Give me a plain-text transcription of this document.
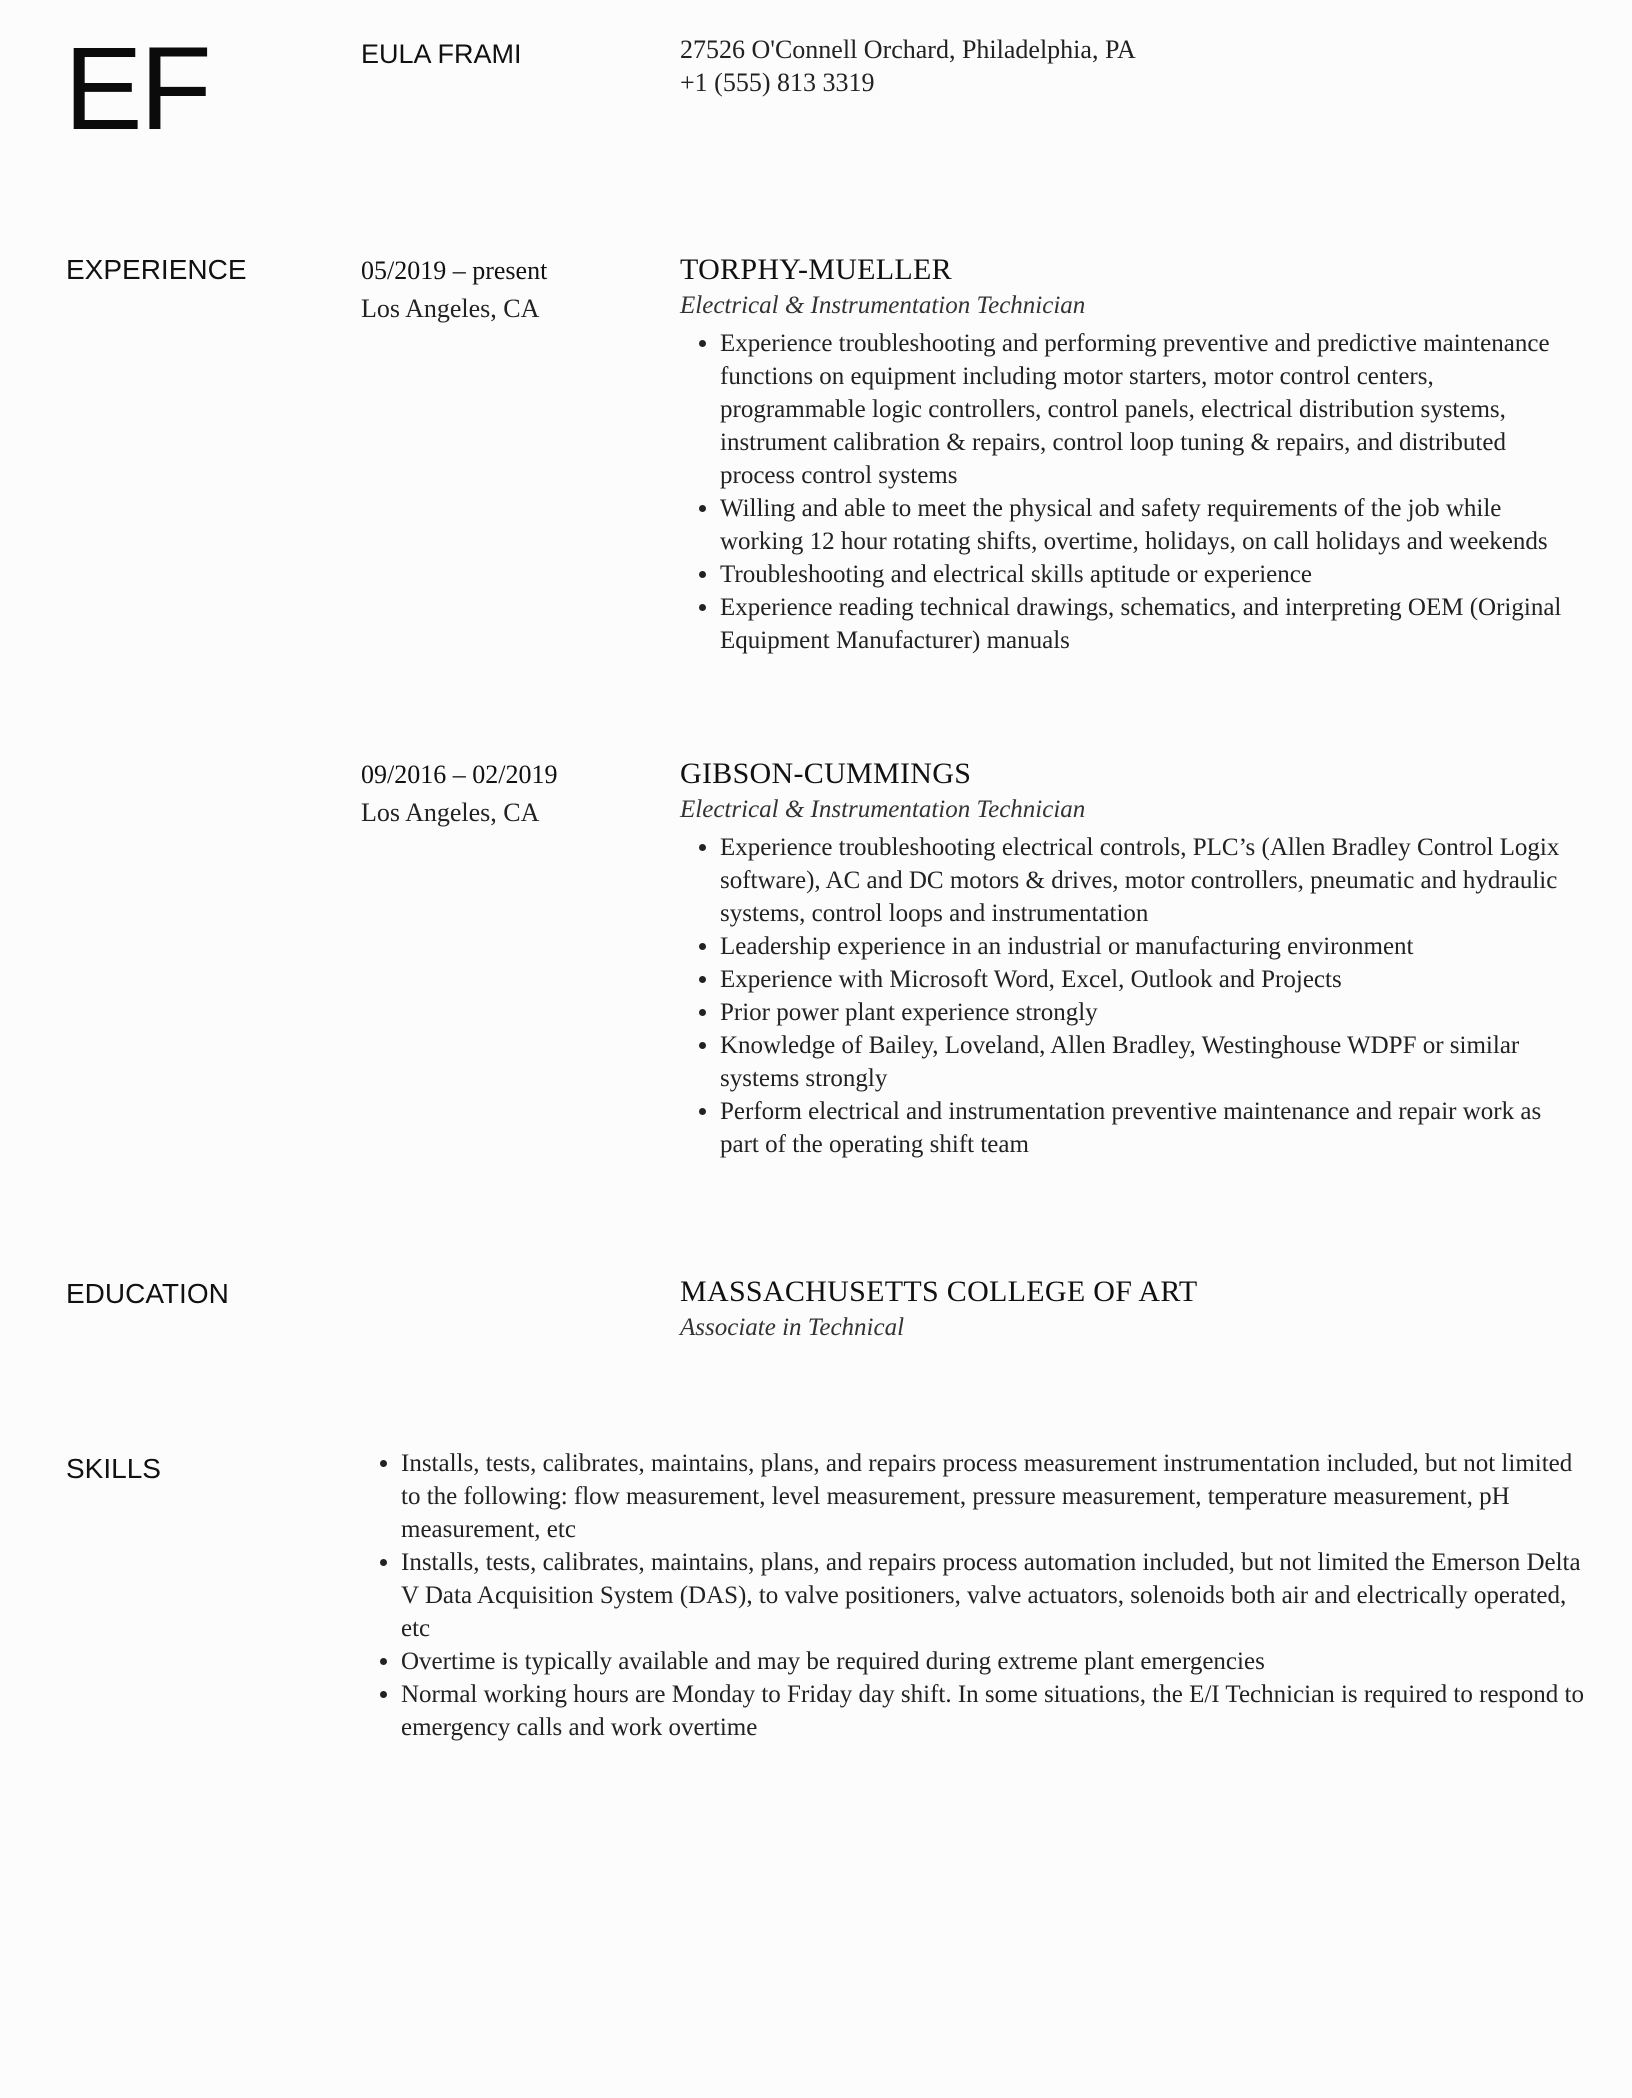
EF	EULA FRAMI	27526 O'Connell Orchard, Philadelphia, PA
+1 (555) 813 3319
EXPERIENCE	05/2019 – present
Los Angeles, CA
TORPHY-MUELLER
Electrical & Instrumentation Technician
• Experience troubleshooting and performing preventive and predictive maintenance functions on equipment including motor starters, motor control centers, programmable logic controllers, control panels, electrical distribution systems, instrument calibration & repairs, control loop tuning & repairs, and distributed process control systems
• Willing and able to meet the physical and safety requirements of the job while working 12 hour rotating shifts, overtime, holidays, on call holidays and weekends
• Troubleshooting and electrical skills aptitude or experience
• Experience reading technical drawings, schematics, and interpreting OEM (Original Equipment Manufacturer) manuals
09/2016 – 02/2019
Los Angeles, CA
GIBSON-CUMMINGS
Electrical & Instrumentation Technician
• Experience troubleshooting electrical controls, PLC’s (Allen Bradley Control Logix software), AC and DC motors & drives, motor controllers, pneumatic and hydraulic systems, control loops and instrumentation
• Leadership experience in an industrial or manufacturing environment
• Experience with Microsoft Word, Excel, Outlook and Projects
• Prior power plant experience strongly
• Knowledge of Bailey, Loveland, Allen Bradley, Westinghouse WDPF or similar systems strongly
• Perform electrical and instrumentation preventive maintenance and repair work as part of the operating shift team
EDUCATION	MASSACHUSETTS COLLEGE OF ART
Associate in Technical
SKILLS
•	Installs, tests, calibrates, maintains, plans, and repairs process measurement instrumentation included, but not limited to the following: flow measurement, level measurement, pressure measurement, temperature measurement, pH measurement, etc
• Installs, tests, calibrates, maintains, plans, and repairs process automation included, but not limited the Emerson Delta V Data Acquisition System (DAS), to valve positioners, valve actuators, solenoids both air and electrically operated, etc
• Overtime is typically available and may be required during extreme plant emergencies
• Normal working hours are Monday to Friday day shift. In some situations, the E/I Technician is required to respond to emergency calls and work overtime
